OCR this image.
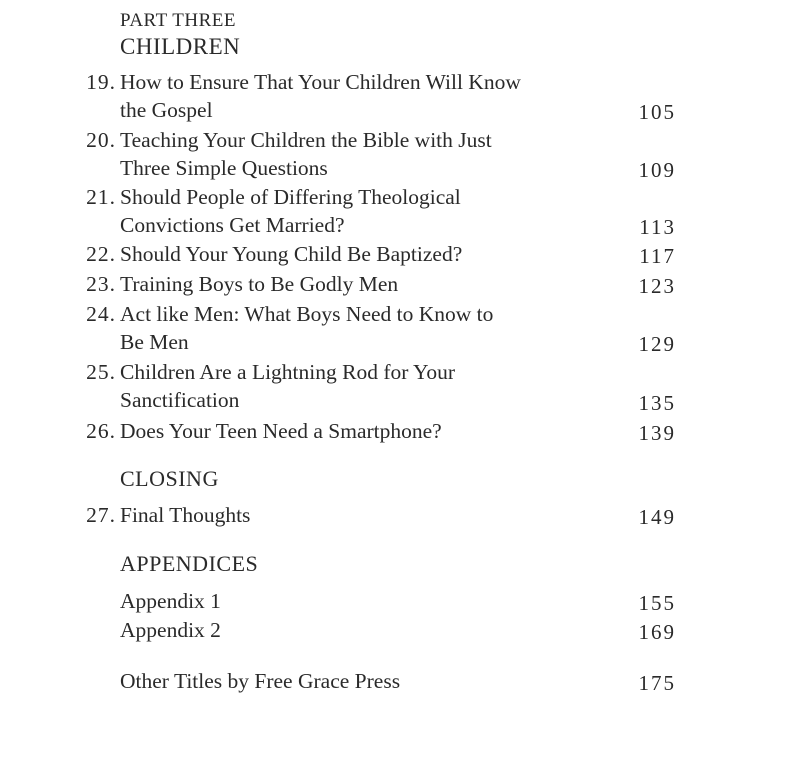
PART THREE
CHILDREN
19. How to Ensure That Your Children Will Know
the Gospel	105
20. Teaching Your Children the Bible with Just
Three Simple Questions	109
21. Should People of Differing Theological
Convictions Get Married?	113
22. Should Your Young Child Be Baptized?	117
23. Training Boys to Be Godly Men	123
24. Act like Men: What Boys Need to Know to
Be Men	129
25. Children Are a Lightning Rod for Your
Sanctification	135
26. Does Your Teen Need a Smartphone?	139
CLOSING
27. Final Thoughts	149
APPENDICES
Appendix 1	155
Appendix 2	169
Other Titles by Free Grace Press	175
